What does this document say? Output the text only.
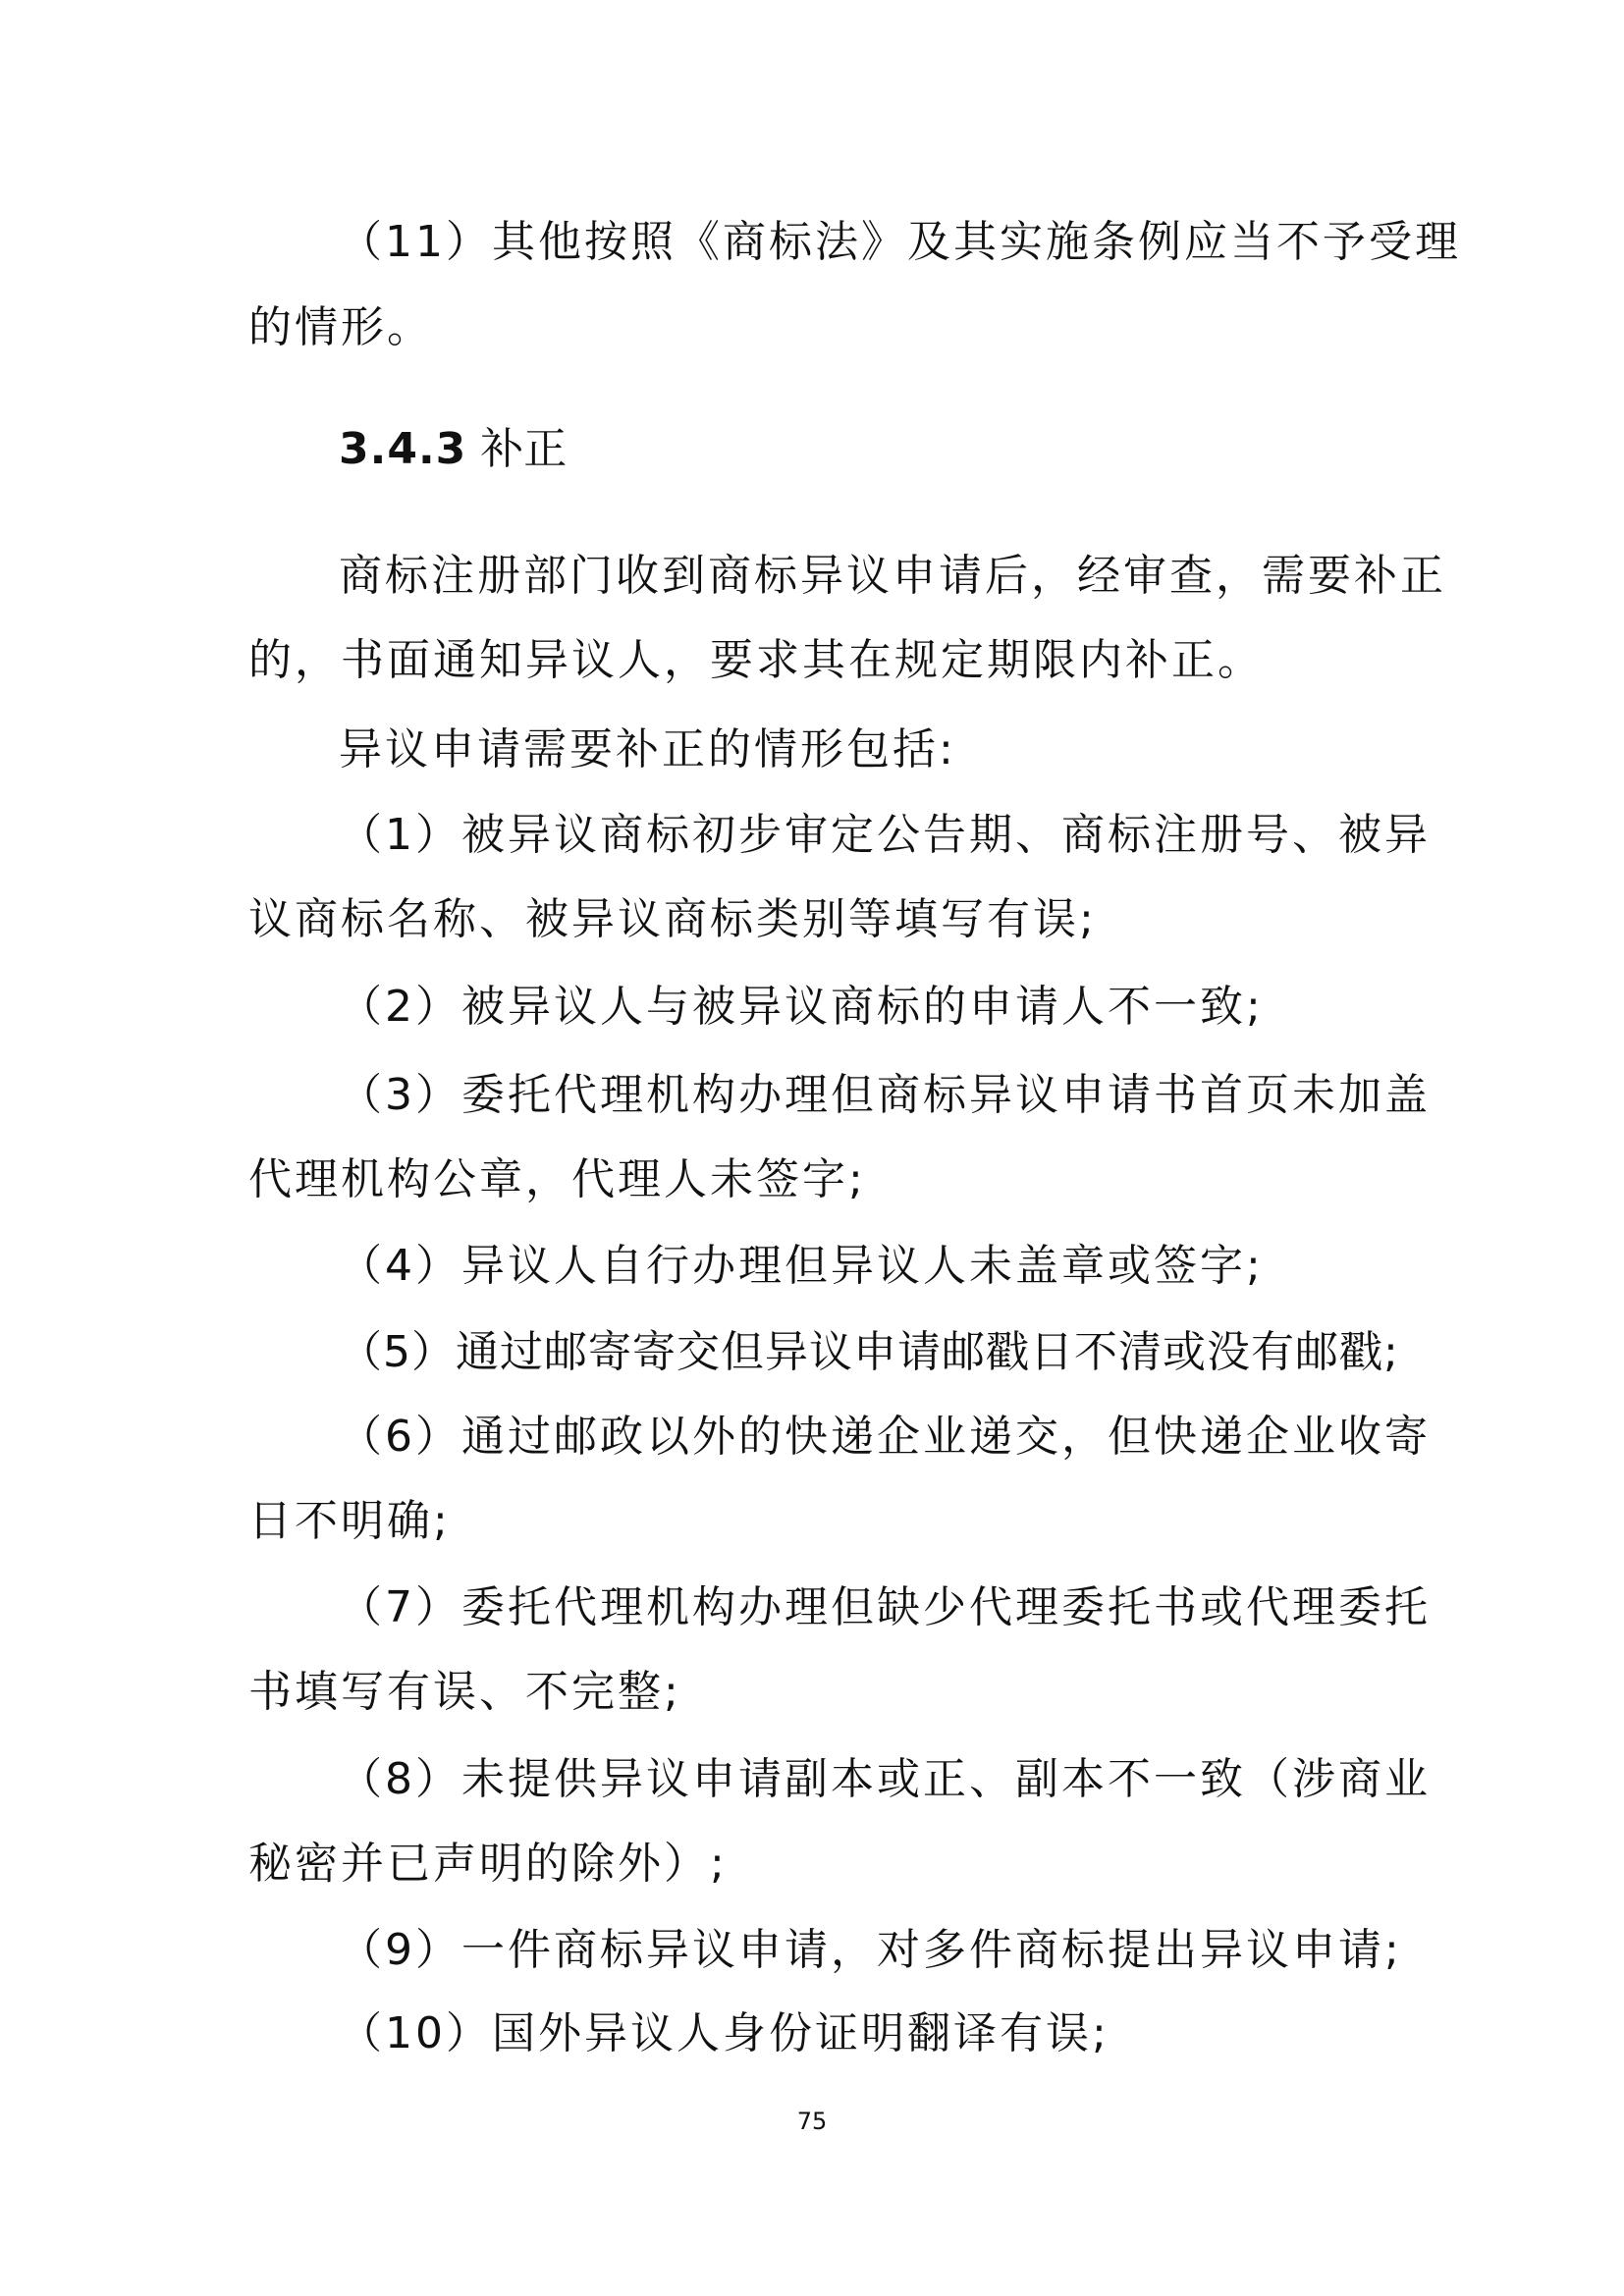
（11）其他按照《商标法》及其实施条例应当不予受理

的情形。

3.4.3 补正

商标注册部门收到商标异议申请后，经审查，需要补正

的，书面通知异议人，要求其在规定期限内补正。

异议申请需要补正的情形包括:

（1）被异议商标初步审定公告期、商标注册号、被异

议商标名称、被异议商标类别等填写有误;

（2）被异议人与被异议商标的申请人不一致;

（3）委托代理机构办理但商标异议申请书首页未加盖

代理机构公章，代理人未签字;

（4）异议人自行办理但异议人未盖章或签字;

（5）通过邮寄寄交但异议申请邮戳日不清或没有邮戳;

（6）通过邮政以外的快递企业递交，但快递企业收寄

日不明确;

（7）委托代理机构办理但缺少代理委托书或代理委托

书填写有误、不完整;

（8）未提供异议申请副本或正、副本不一致（涉商业

秘密并已声明的除外）;

（9）一件商标异议申请，对多件商标提出异议申请;

（10）国外异议人身份证明翻译有误;

75
